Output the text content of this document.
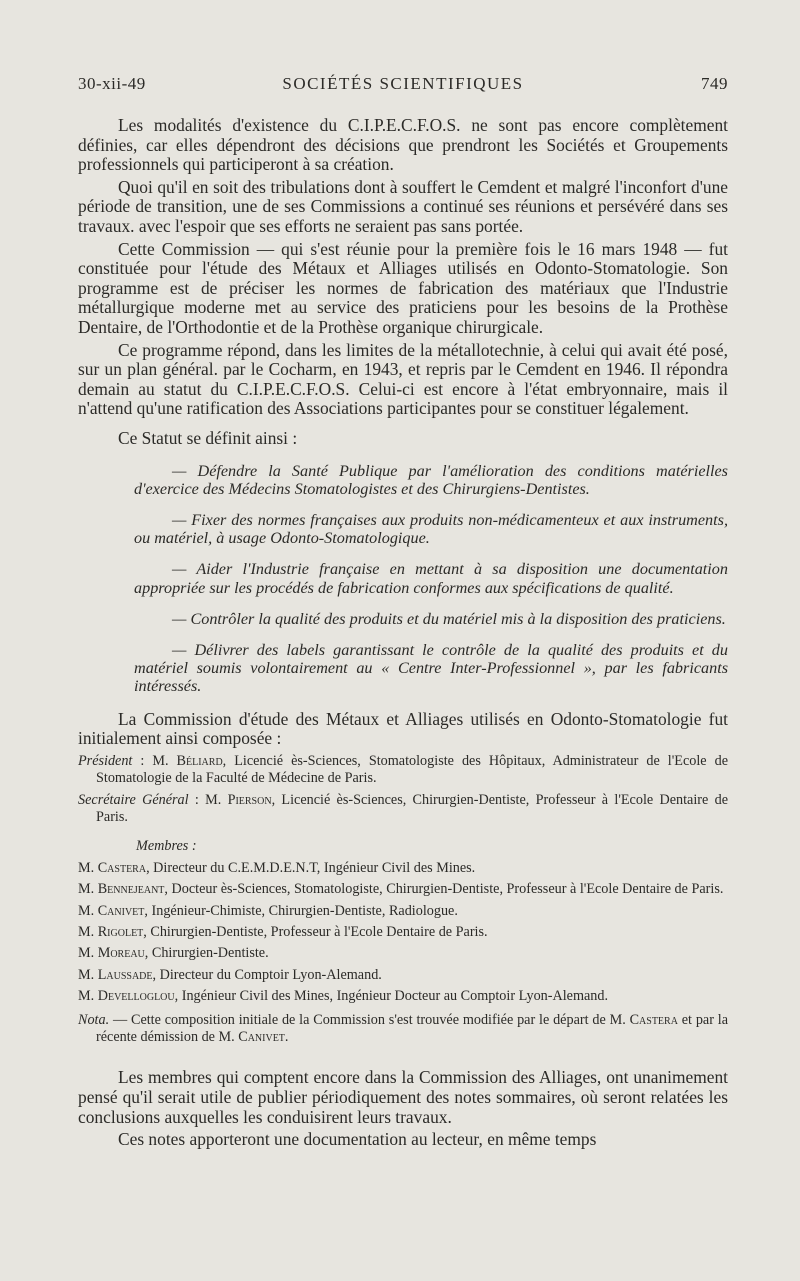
30-xii-49	SOCIÉTÉS SCIENTIFIQUES	749

Les modalités d'existence du C.I.P.E.C.F.O.S. ne sont pas encore complètement définies, car elles dépendront des décisions que prendront les Sociétés et Groupements professionnels qui participeront à sa création.

Quoi qu'il en soit des tribulations dont à souffert le Cemdent et malgré l'inconfort d'une période de transition, une de ses Commissions a continué ses réunions et persévéré dans ses travaux. avec l'espoir que ses efforts ne seraient pas sans portée.

Cette Commission — qui s'est réunie pour la première fois le 16 mars 1948 — fut constituée pour l'étude des Métaux et Alliages utilisés en Odonto-Stomatologie. Son programme est de préciser les normes de fabrication des matériaux que l'Industrie métallurgique moderne met au service des praticiens pour les besoins de la Prothèse Dentaire, de l'Orthodontie et de la Prothèse organique chirurgicale.

Ce programme répond, dans les limites de la métallotechnie, à celui qui avait été posé, sur un plan général. par le Cocharm, en 1943, et repris par le Cemdent en 1946. Il répondra demain au statut du C.I.P.E.C.F.O.S. Celui-ci est encore à l'état embryonnaire, mais il n'attend qu'une ratification des Associations participantes pour se constituer légalement.

Ce Statut se définit ainsi :

— Défendre la Santé Publique par l'amélioration des conditions matérielles d'exercice des Médecins Stomatologistes et des Chirurgiens-Dentistes.

— Fixer des normes françaises aux produits non-médicamenteux et aux instruments, ou matériel, à usage Odonto-Stomatologique.

— Aider l'Industrie française en mettant à sa disposition une documentation appropriée sur les procédés de fabrication conformes aux spécifications de qualité.

— Contrôler la qualité des produits et du matériel mis à la disposition des praticiens.

— Délivrer des labels garantissant le contrôle de la qualité des produits et du matériel soumis volontairement au « Centre Inter-Professionnel », par les fabricants intéressés.

La Commission d'étude des Métaux et Alliages utilisés en Odonto-Stomatologie fut initialement ainsi composée :

Président : M. Béliard, Licencié ès-Sciences, Stomatologiste des Hôpitaux, Administrateur de l'Ecole de Stomatologie de la Faculté de Médecine de Paris.
Secrétaire Général : M. Pierson, Licencié ès-Sciences, Chirurgien-Dentiste, Professeur à l'Ecole Dentaire de Paris.
Membres :
M. Castera, Directeur du C.E.M.D.E.N.T, Ingénieur Civil des Mines.
M. Bennejeant, Docteur ès-Sciences, Stomatologiste, Chirurgien-Dentiste, Professeur à l'Ecole Dentaire de Paris.
M. Canivet, Ingénieur-Chimiste, Chirurgien-Dentiste, Radiologue.
M. Rigolet, Chirurgien-Dentiste, Professeur à l'Ecole Dentaire de Paris.
M. Moreau, Chirurgien-Dentiste.
M. Laussade, Directeur du Comptoir Lyon-Alemand.
M. Develloglou, Ingénieur Civil des Mines, Ingénieur Docteur au Comptoir Lyon-Alemand.
Nota. — Cette composition initiale de la Commission s'est trouvée modifiée par le départ de M. Castera et par la récente démission de M. Canivet.

Les membres qui comptent encore dans la Commission des Alliages, ont unanimement pensé qu'il serait utile de publier périodiquement des notes sommaires, où seront relatées les conclusions auxquelles les conduisirent leurs travaux.

Ces notes apporteront une documentation au lecteur, en même temps
